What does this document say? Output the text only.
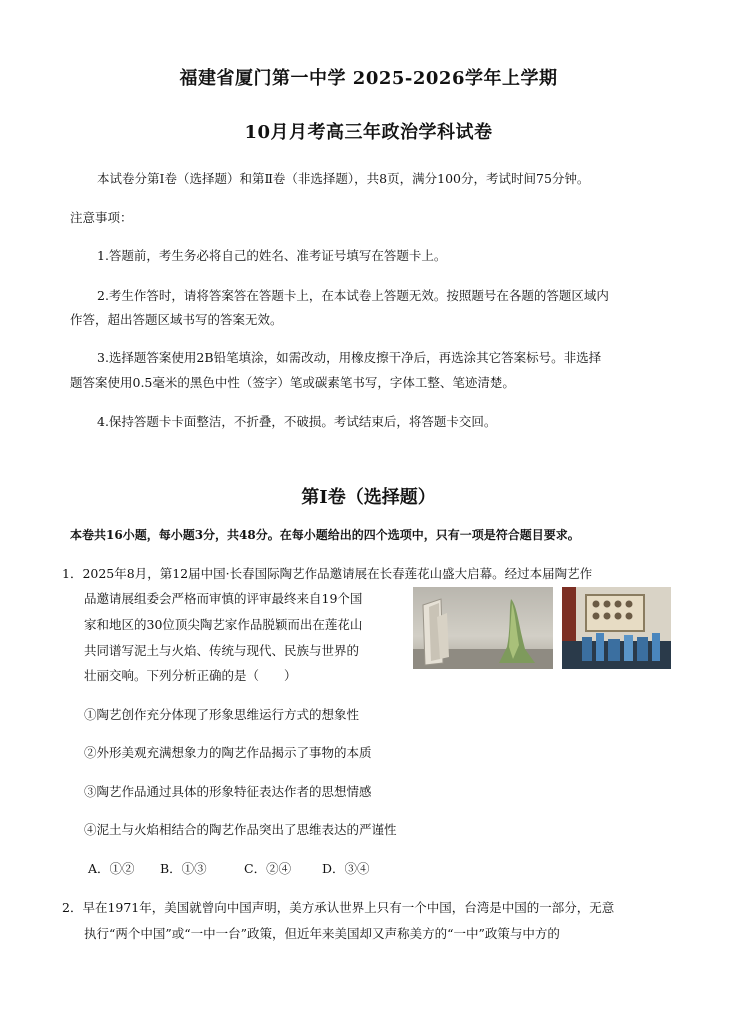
福建省厦门第一中学 2025-2026学年上学期
10月月考高三年政治学科试卷
本试卷分第Ⅰ卷（选择题）和第Ⅱ卷（非选择题），共8页，满分100分，考试时间75分钟。
注意事项：
1.答题前，考生务必将自己的姓名、准考证号填写在答题卡上。
2.考生作答时，请将答案答在答题卡上，在本试卷上答题无效。按照题号在各题的答题区域内
作答，超出答题区域书写的答案无效。
3.选择题答案使用2B铅笔填涂，如需改动，用橡皮擦干净后，再选涂其它答案标号。非选择
题答案使用0.5毫米的黑色中性（签字）笔或碳素笔书写，字体工整、笔迹清楚。
4.保持答题卡卡面整洁，不折叠，不破损。考试结束后，将答题卡交回。
第Ⅰ卷（选择题）
本卷共16小题，每小题3分，共48分。在每小题给出的四个选项中，只有一项是符合题目要求。
1．2025年8月，第12届中国·长春国际陶艺作品邀请展在长春莲花山盛大启幕。经过本届陶艺作
品邀请展组委会严格而审慎的评审最终来自19个国
家和地区的30位顶尖陶艺家作品脱颖而出在莲花山
共同谱写泥土与火焰、传统与现代、民族与世界的
壮丽交响。下列分析正确的是（　　）
①陶艺创作充分体现了形象思维运行方式的想象性
②外形美观充满想象力的陶艺作品揭示了事物的本质
③陶艺作品通过具体的形象特征表达作者的思想情感
④泥土与火焰相结合的陶艺作品突出了思维表达的严谨性
A．①② B．①③	C．②④ D．③④
2．早在1971年，美国就曾向中国声明，美方承认世界上只有一个中国，台湾是中国的一部分，无意
执行“两个中国”或“一中一台”政策，但近年来美国却又声称美方的“一中”政策与中方的
